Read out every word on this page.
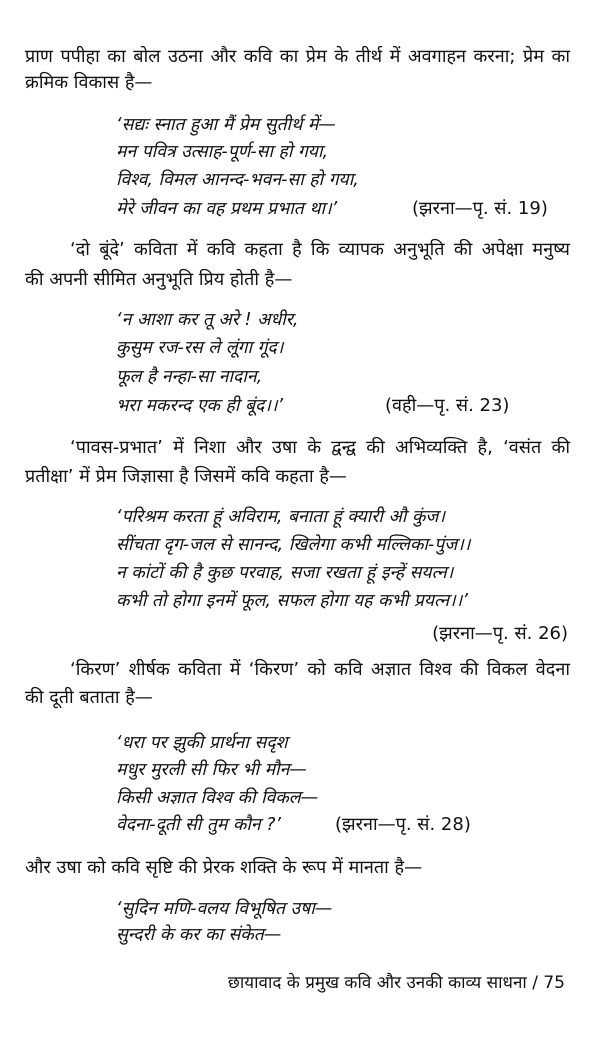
प्राण पपीहा का बोल उठना और कवि का प्रेम के तीर्थ में अवगाहन करना; प्रेम का
क्रमिक विकास है—
‘सद्यः स्नात हुआ मैं प्रेम सुतीर्थ में—
मन पवित्र उत्साह-पूर्ण-सा हो गया,
विश्व, विमल आनन्द-भवन-सा हो गया,
मेरे जीवन का वह प्रथम प्रभात था।’	(झरना—पृ. सं. 19)
‘दो बूंदे’ कविता में कवि कहता है कि व्यापक अनुभूति की अपेक्षा मनुष्य
की अपनी सीमित अनुभूति प्रिय होती है—
‘न आशा कर तू अरे ! अधीर,
कुसुम रज-रस ले लूंगा गूंद।
फूल है नन्हा-सा नादान,
भरा मकरन्द एक ही बूंद।।’	(वही—पृ. सं. 23)
‘पावस-प्रभात’ में निशा और उषा के द्वन्द्व की अभिव्यक्ति है, ‘वसंत की
प्रतीक्षा’ में प्रेम जिज्ञासा है जिसमें कवि कहता है—
‘परिश्रम करता हूं अविराम, बनाता हूं क्यारी औ कुंज।
सींचता दृग-जल से सानन्द, खिलेगा कभी मल्लिका-पुंज।।
न कांटों की है कुछ परवाह, सजा रखता हूं इन्हें सयत्न।
कभी तो होगा इनमें फूल, सफल होगा यह कभी प्रयत्न।।’
(झरना—पृ. सं. 26)
‘किरण’ शीर्षक कविता में ‘किरण’ को कवि अज्ञात विश्व की विकल वेदना
की दूती बताता है—
‘धरा पर झुकी प्रार्थना सदृश
मधुर मुरली सी फिर भी मौन—
किसी अज्ञात विश्व की विकल—
वेदना-दूती सी तुम कौन ?’	(झरना—पृ. सं. 28)
और उषा को कवि सृष्टि की प्रेरक शक्ति के रूप में मानता है—
‘सुदिन मणि-वलय विभूषित उषा—
सुन्दरी के कर का संकेत—
छायावाद के प्रमुख कवि और उनकी काव्य साधना / 75
